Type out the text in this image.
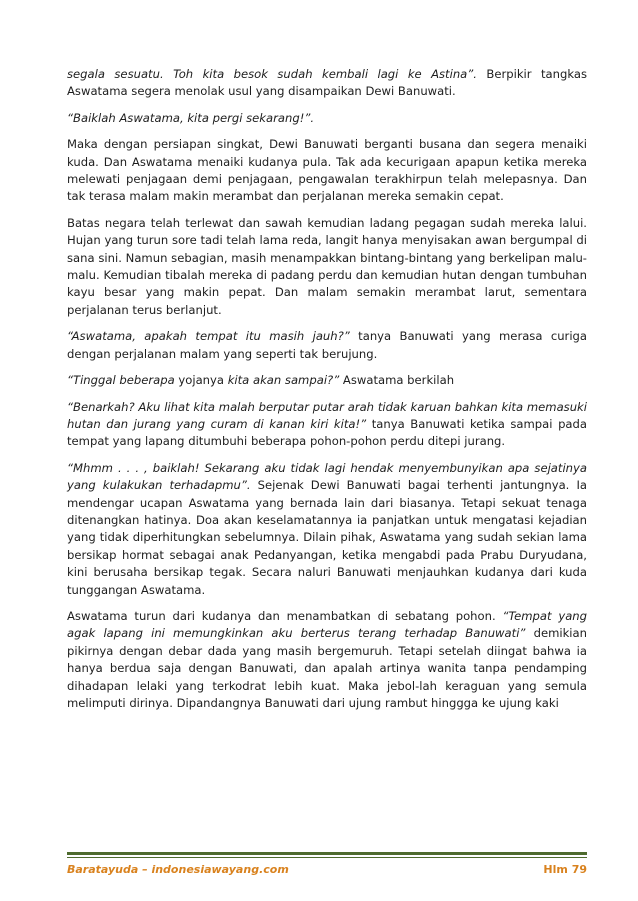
segala sesuatu. Toh kita besok sudah kembali lagi ke Astina”. Berpikir tangkas Aswatama segera menolak usul yang disampaikan Dewi Banuwati.

“Baiklah Aswatama, kita pergi sekarang!”.

Maka dengan persiapan singkat, Dewi Banuwati berganti busana dan segera menaiki kuda. Dan Aswatama menaiki kudanya pula. Tak ada kecurigaan apapun ketika mereka melewati penjagaan demi penjagaan, pengawalan terakhirpun telah melepasnya. Dan tak terasa malam makin merambat dan perjalanan mereka semakin cepat.

Batas negara telah terlewat dan sawah kemudian ladang pegagan sudah mereka lalui. Hujan yang turun sore tadi telah lama reda, langit hanya menyisakan awan bergumpal di sana sini. Namun sebagian, masih menampakkan bintang-bintang yang berkelipan malu-malu. Kemudian tibalah mereka di padang perdu dan kemudian hutan dengan tumbuhan kayu besar yang makin pepat. Dan malam semakin merambat larut, sementara perjalanan terus berlanjut.

“Aswatama, apakah tempat itu masih jauh?” tanya Banuwati yang merasa curiga dengan perjalanan malam yang seperti tak berujung.

“Tinggal beberapa yojanya kita akan sampai?” Aswatama berkilah

“Benarkah? Aku lihat kita malah berputar putar arah tidak karuan bahkan kita memasuki hutan dan jurang yang curam di kanan kiri kita!” tanya Banuwati ketika sampai pada tempat yang lapang ditumbuhi beberapa pohon-pohon perdu ditepi jurang.

“Mhmm . . . , baiklah! Sekarang aku tidak lagi hendak menyembunyikan apa sejatinya yang kulakukan terhadapmu”. Sejenak Dewi Banuwati bagai terhenti jantungnya. Ia mendengar ucapan Aswatama yang bernada lain dari biasanya. Tetapi sekuat tenaga ditenangkan hatinya. Doa akan keselamatannya ia panjatkan untuk mengatasi kejadian yang tidak diperhitungkan sebelumnya. Dilain pihak, Aswatama yang sudah sekian lama bersikap hormat sebagai anak Pedanyangan, ketika mengabdi pada Prabu Duryudana, kini berusaha bersikap tegak. Secara naluri Banuwati menjauhkan kudanya dari kuda tunggangan Aswatama.

Aswatama turun dari kudanya dan menambatkan di sebatang pohon. “Tempat yang agak lapang ini memungkinkan aku berterus terang terhadap Banuwati” demikian pikirnya dengan debar dada yang masih bergemuruh. Tetapi setelah diingat bahwa ia hanya berdua saja dengan Banuwati, dan apalah artinya wanita tanpa pendamping dihadapan lelaki yang terkodrat lebih kuat. Maka jebol-lah keraguan yang semula melimputi dirinya. Dipandangnya Banuwati dari ujung rambut hinggga ke ujung kaki

Baratayuda – indonesiawayang.com	Hlm 79
